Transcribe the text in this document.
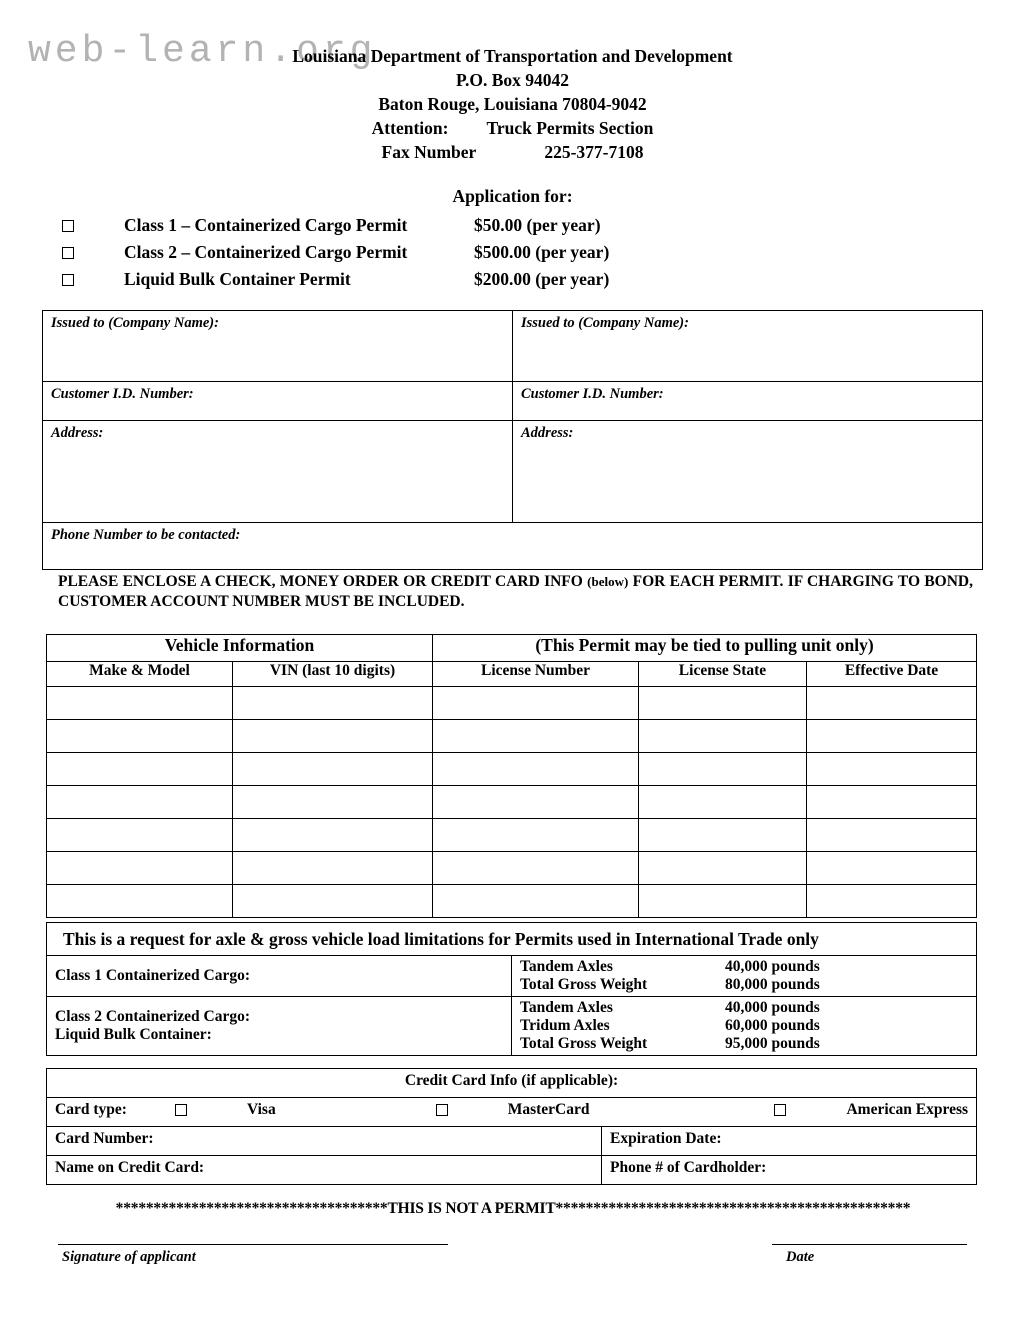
web-learn.org
Louisiana Department of Transportation and Development
P.O. Box 94042
Baton Rouge, Louisiana 70804-9042
Attention: Truck Permits Section
Fax Number	225-377-7108
Application for:
Class 1 – Containerized Cargo Permit	$50.00 (per year)
Class 2 – Containerized Cargo Permit	$500.00 (per year)
Liquid Bulk Container Permit	$200.00 (per year)
Issued to (Company Name):	Issued to (Company Name):
Customer I.D. Number:	Customer I.D. Number:
Address:	Address:
Phone Number to be contacted:	
PLEASE ENCLOSE A CHECK, MONEY ORDER OR CREDIT CARD INFO (below) FOR EACH PERMIT. IF CHARGING TO BOND, CUSTOMER ACCOUNT NUMBER MUST BE INCLUDED.
Vehicle Information		(This Permit may be tied to pulling unit only)		
Make & Model	VIN (last 10 digits)	License Number	License State	Effective Date

This is a request for axle & gross vehicle load limitations for Permits used in International Trade only	
Class 1 Containerized Cargo:	Tandem Axles 40,000 pounds
Total Gross Weight 80,000 pounds

Class 2 Containerized Cargo:
Liquid Bulk Container:

Tandem Axles	40,000 pounds
Tridum Axles	60,000 pounds
Total Gross Weight	95,000 pounds
Credit Card Info (if applicable):	

Card type: Visa MasterCard American Express	

Card Number:	Expiration Date:
Name on Credit Card:	Phone # of Cardholder:
************************************THIS IS NOT A PERMIT***********************************************
Signature of applicant	Date
